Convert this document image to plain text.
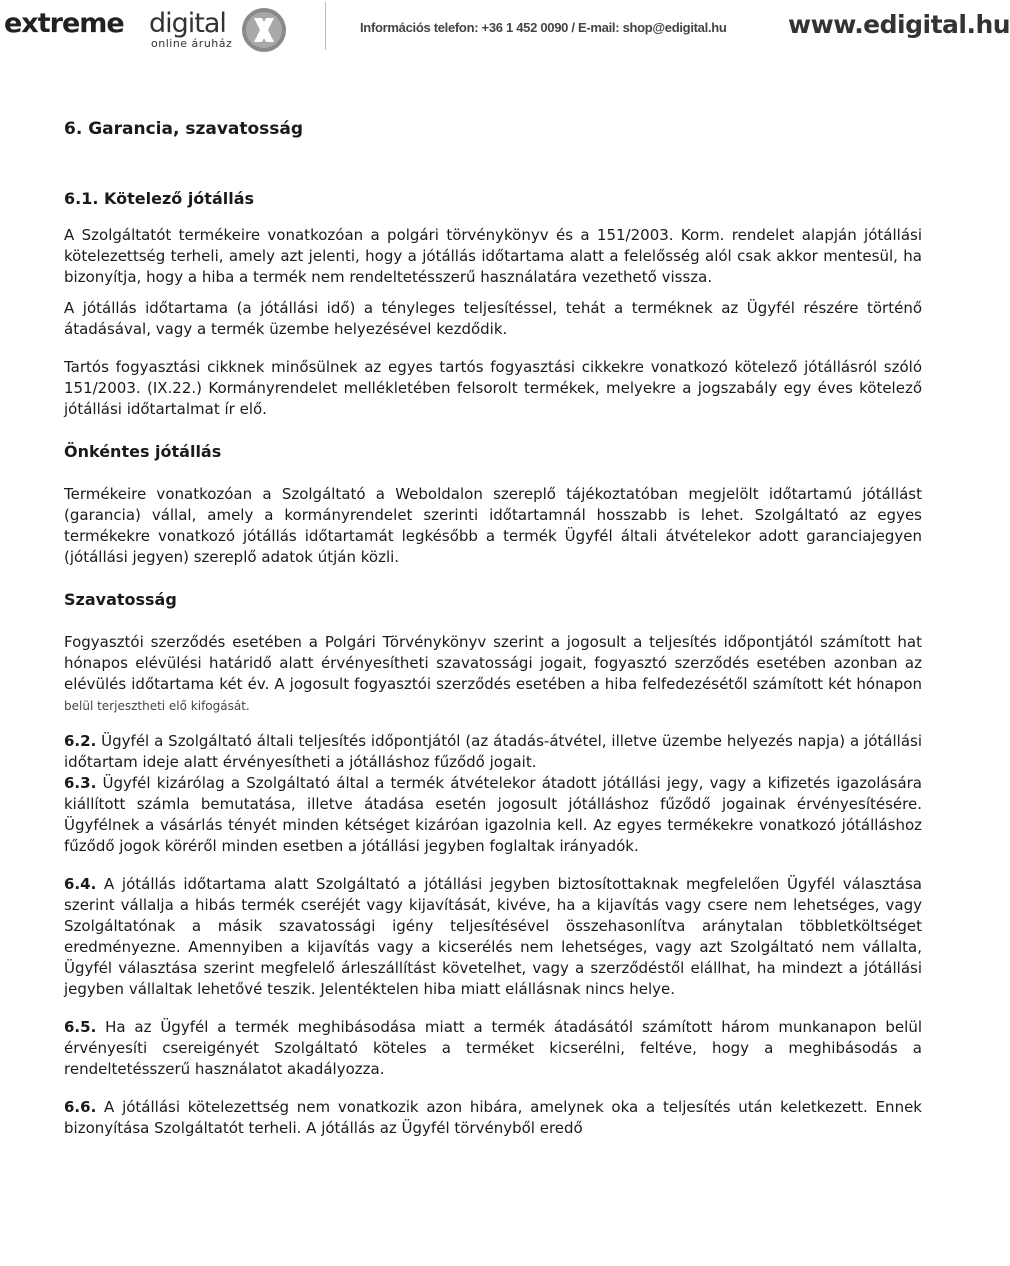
extreme digital
online áruház
Információs telefon: +36 1 452 0090 / E-mail: shop@edigital.hu www.edigital.hu
6. Garancia, szavatosság
6.1. Kötelező jótállás

A Szolgáltatót termékeire vonatkozóan a polgári törvénykönyv és a 151/2003. Korm. rendelet alapján jótállási kötelezettség terheli, amely azt jelenti, hogy a jótállás időtartama alatt a felelősség alól csak akkor mentesül, ha bizonyítja, hogy a hiba a termék nem rendeltetésszerű használatára vezethető vissza.

A jótállás időtartama (a jótállási idő) a tényleges teljesítéssel, tehát a terméknek az Ügyfél részére történő átadásával, vagy a termék üzembe helyezésével kezdődik.

Tartós fogyasztási cikknek minősülnek az egyes tartós fogyasztási cikkekre vonatkozó kötelező jótállásról szóló 151/2003. (IX.22.) Kormányrendelet mellékletében felsorolt termékek, melyekre a jogszabály egy éves kötelező jótállási időtartalmat ír elő.

Önkéntes jótállás

Termékeire vonatkozóan a Szolgáltató a Weboldalon szereplő tájékoztatóban megjelölt időtartamú jótállást (garancia) vállal, amely a kormányrendelet szerinti időtartamnál hosszabb is lehet. Szolgáltató az egyes termékekre vonatkozó jótállás időtartamát legkésőbb a termék Ügyfél általi átvételekor adott garanciajegyen (jótállási jegyen) szereplő adatok útján közli.

Szavatosság

Fogyasztói szerződés esetében a Polgári Törvénykönyv szerint a jogosult a teljesítés időpontjától számított hat hónapos elévülési határidő alatt érvényesítheti szavatossági jogait, fogyasztó szerződés esetében azonban az elévülés időtartama két év. A jogosult fogyasztói szerződés esetében a hiba felfedezésétől számított két hónapon belül terjesztheti elő kifogását.

6.2. Ügyfél a Szolgáltató általi teljesítés időpontjától (az átadás-átvétel, illetve üzembe helyezés napja) a jótállási időtartam ideje alatt érvényesítheti a jótálláshoz fűződő jogait.

6.3. Ügyfél kizárólag a Szolgáltató által a termék átvételekor átadott jótállási jegy, vagy a kifizetés igazolására kiállított számla bemutatása, illetve átadása esetén jogosult jótálláshoz fűződő jogainak érvényesítésére. Ügyfélnek a vásárlás tényét minden kétséget kizáróan igazolnia kell. Az egyes termékekre vonatkozó jótálláshoz fűződő jogok köréről minden esetben a jótállási jegyben foglaltak irányadók.

6.4. A jótállás időtartama alatt Szolgáltató a jótállási jegyben biztosítottaknak megfelelően Ügyfél választása szerint vállalja a hibás termék cseréjét vagy kijavítását, kivéve, ha a kijavítás vagy csere nem lehetséges, vagy Szolgáltatónak a másik szavatossági igény teljesítésével összehasonlítva aránytalan többletköltséget eredményezne. Amennyiben a kijavítás vagy a kicserélés nem lehetséges, vagy azt Szolgáltató nem vállalta, Ügyfél választása szerint megfelelő árleszállítást követelhet, vagy a szerződéstől elállhat, ha mindezt a jótállási jegyben vállaltak lehetővé teszik. Jelentéktelen hiba miatt elállásnak nincs helye.

6.5. Ha az Ügyfél a termék meghibásodása miatt a termék átadásától számított három munkanapon belül érvényesíti csereigényét Szolgáltató köteles a terméket kicserélni, feltéve, hogy a meghibásodás a rendeltetésszerű használatot akadályozza.

6.6. A jótállási kötelezettség nem vonatkozik azon hibára, amelynek oka a teljesítés után keletkezett. Ennek bizonyítása Szolgáltatót terheli. A jótállás az Ügyfél törvényből eredő
